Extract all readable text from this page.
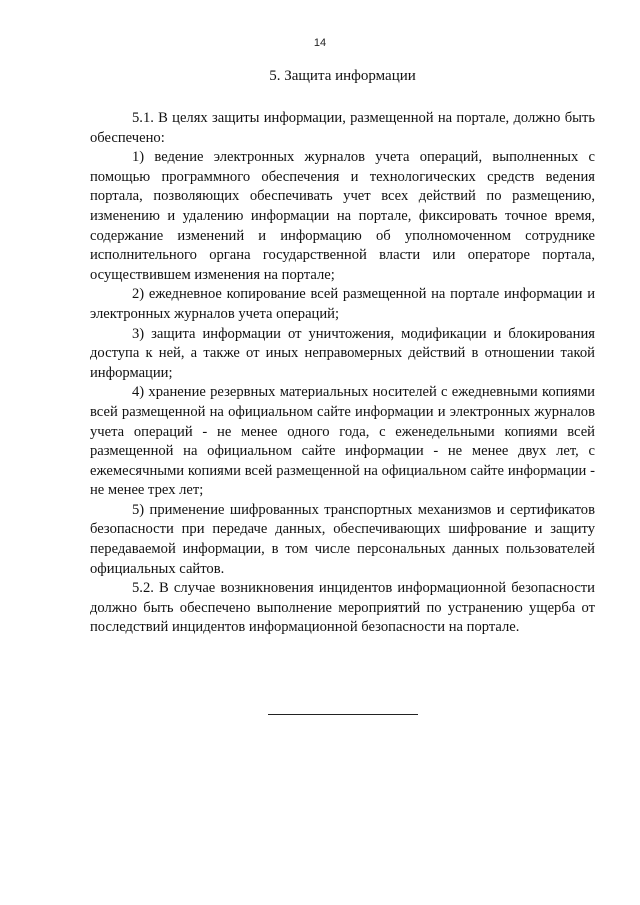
14
5. Защита информации

5.1. В целях защиты информации, размещенной на портале, должно быть обеспечено:

1) ведение электронных журналов учета операций, выполненных с помощью программного обеспечения и технологических средств ведения портала, позволяющих обеспечивать учет всех действий по размещению, изменению и удалению информации на портале, фиксировать точное время, содержание изменений и информацию об уполномоченном сотруднике исполнительного органа государственной власти или операторе портала, осуществившем изменения на портале;

2) ежедневное копирование всей размещенной на портале информации и электронных журналов учета операций;

3) защита информации от уничтожения, модификации и блокирования доступа к ней, а также от иных неправомерных действий в отношении такой информации;

4) хранение резервных материальных носителей с ежедневными копиями всей размещенной на официальном сайте информации и электронных журналов учета операций - не менее одного года, с еженедельными копиями всей размещенной на официальном сайте информации - не менее двух лет, с ежемесячными копиями всей размещенной на официальном сайте информации - не менее трех лет;

5) применение шифрованных транспортных механизмов и сертификатов безопасности при передаче данных, обеспечивающих шифрование и защиту передаваемой информации, в том числе персональных данных пользователей официальных сайтов.

5.2. В случае возникновения инцидентов информационной безопасности должно быть обеспечено выполнение мероприятий по устранению ущерба от последствий инцидентов информационной безопасности на портале.
